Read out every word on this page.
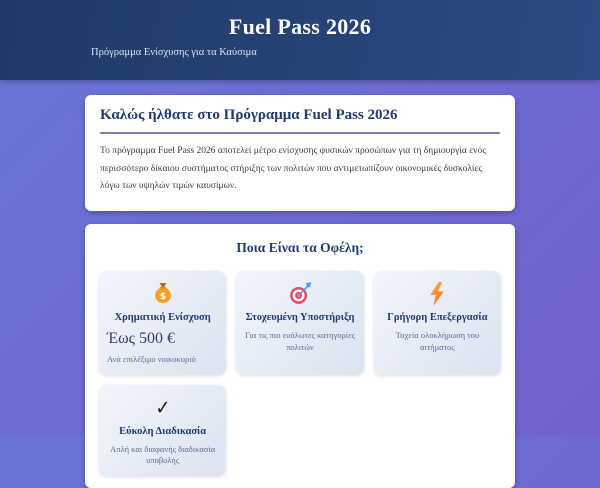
Fuel Pass 2026
Πρόγραμμα Ενίσχυσης για τα Καύσιμα
Καλώς ήλθατε στο Πρόγραμμα Fuel Pass 2026

Το πρόγραμμα Fuel Pass 2026 αποτελεί μέτρο ενίσχυσης φυσικών προσώπων για τη δημιουργία ενός περισσότερο δίκαιου συστήματος στήριξης των πολιτών που αντιμετωπίζουν οικονομικές δυσκολίες λόγω των υψηλών τιμών καυσίμων.

Ποια Είναι τα Οφέλη;
$
Χρηματική Ενίσχυση
Έως 500 €

Ανά επιλέξιμο νοικοκυριό

Στοχευμένη Υποστήριξη

Για τις πιο ευάλωτες κατηγορίες πολιτών

Γρήγορη Επεξεργασία

Ταχεία ολοκλήρωση του αιτήματος

✓
Εύκολη Διαδικασία

Απλή και διαφανής διαδικασία υποβολής
